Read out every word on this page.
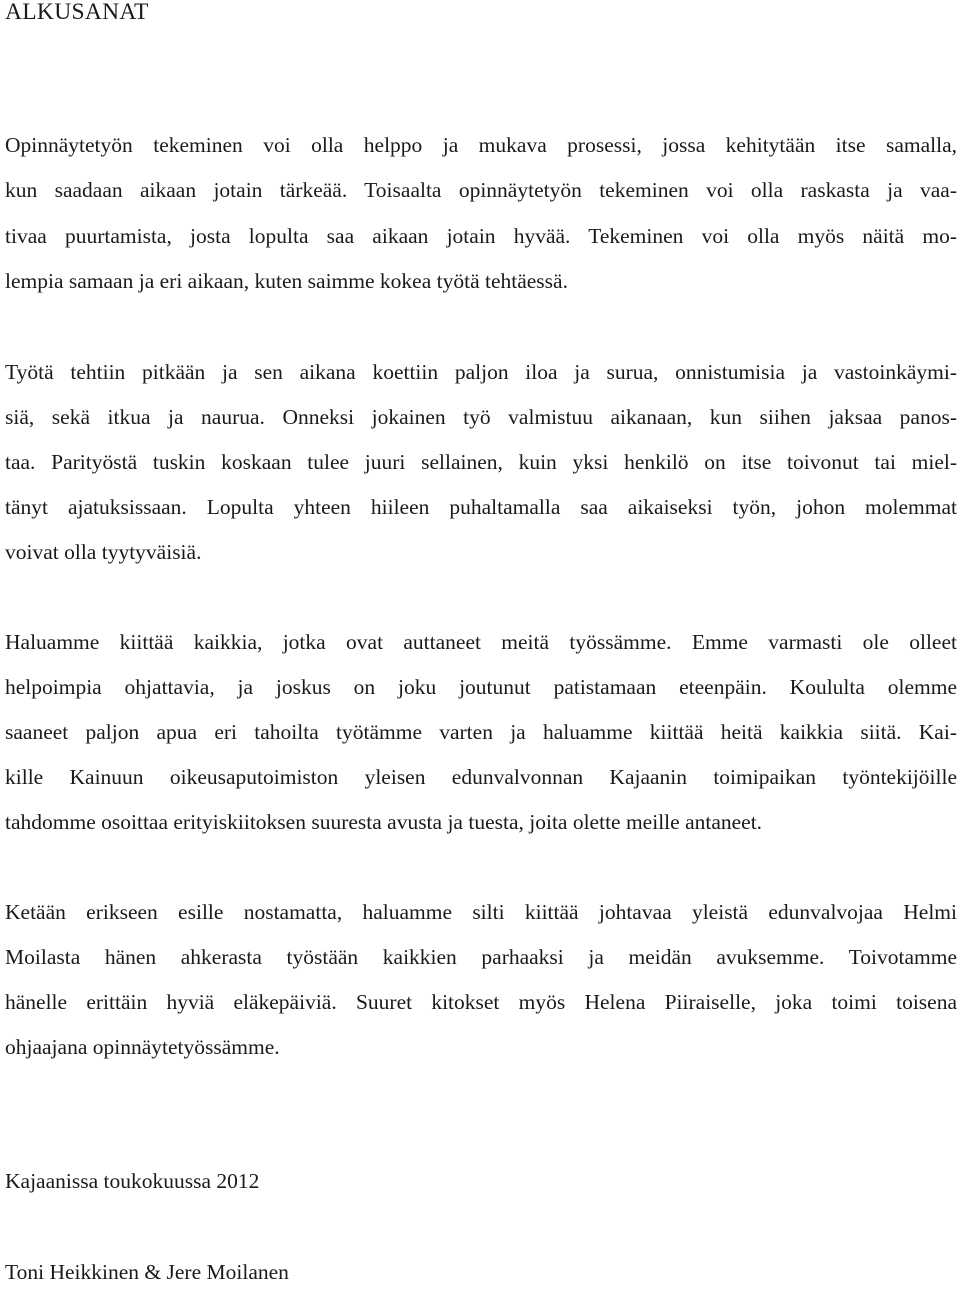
ALKUSANAT

Opinnäytetyön tekeminen voi olla helppo ja mukava prosessi, jossa kehitytään itse samalla,

kun saadaan aikaan jotain tärkeää. Toisaalta opinnäytetyön tekeminen voi olla raskasta ja vaa-

tivaa puurtamista, josta lopulta saa aikaan jotain hyvää. Tekeminen voi olla myös näitä mo-

lempia samaan ja eri aikaan, kuten saimme kokea työtä tehtäessä.

Työtä tehtiin pitkään ja sen aikana koettiin paljon iloa ja surua, onnistumisia ja vastoinkäymi-

siä, sekä itkua ja naurua. Onneksi jokainen työ valmistuu aikanaan, kun siihen jaksaa panos-

taa. Parityöstä tuskin koskaan tulee juuri sellainen, kuin yksi henkilö on itse toivonut tai miel-

tänyt ajatuksissaan. Lopulta yhteen hiileen puhaltamalla saa aikaiseksi työn, johon molemmat

voivat olla tyytyväisiä.

Haluamme kiittää kaikkia, jotka ovat auttaneet meitä työssämme. Emme varmasti ole olleet

helpoimpia ohjattavia, ja joskus on joku joutunut patistamaan eteenpäin. Koululta olemme

saaneet paljon apua eri tahoilta työtämme varten ja haluamme kiittää heitä kaikkia siitä. Kai-

kille Kainuun oikeusaputoimiston yleisen edunvalvonnan Kajaanin toimipaikan työntekijöille

tahdomme osoittaa erityiskiitoksen suuresta avusta ja tuesta, joita olette meille antaneet.

Ketään erikseen esille nostamatta, haluamme silti kiittää johtavaa yleistä edunvalvojaa Helmi

Moilasta hänen ahkerasta työstään kaikkien parhaaksi ja meidän avuksemme. Toivotamme

hänelle erittäin hyviä eläkepäiviä. Suuret kitokset myös Helena Piiraiselle, joka toimi toisena

ohjaajana opinnäytetyössämme.

Kajaanissa toukokuussa 2012

Toni Heikkinen & Jere Moilanen
